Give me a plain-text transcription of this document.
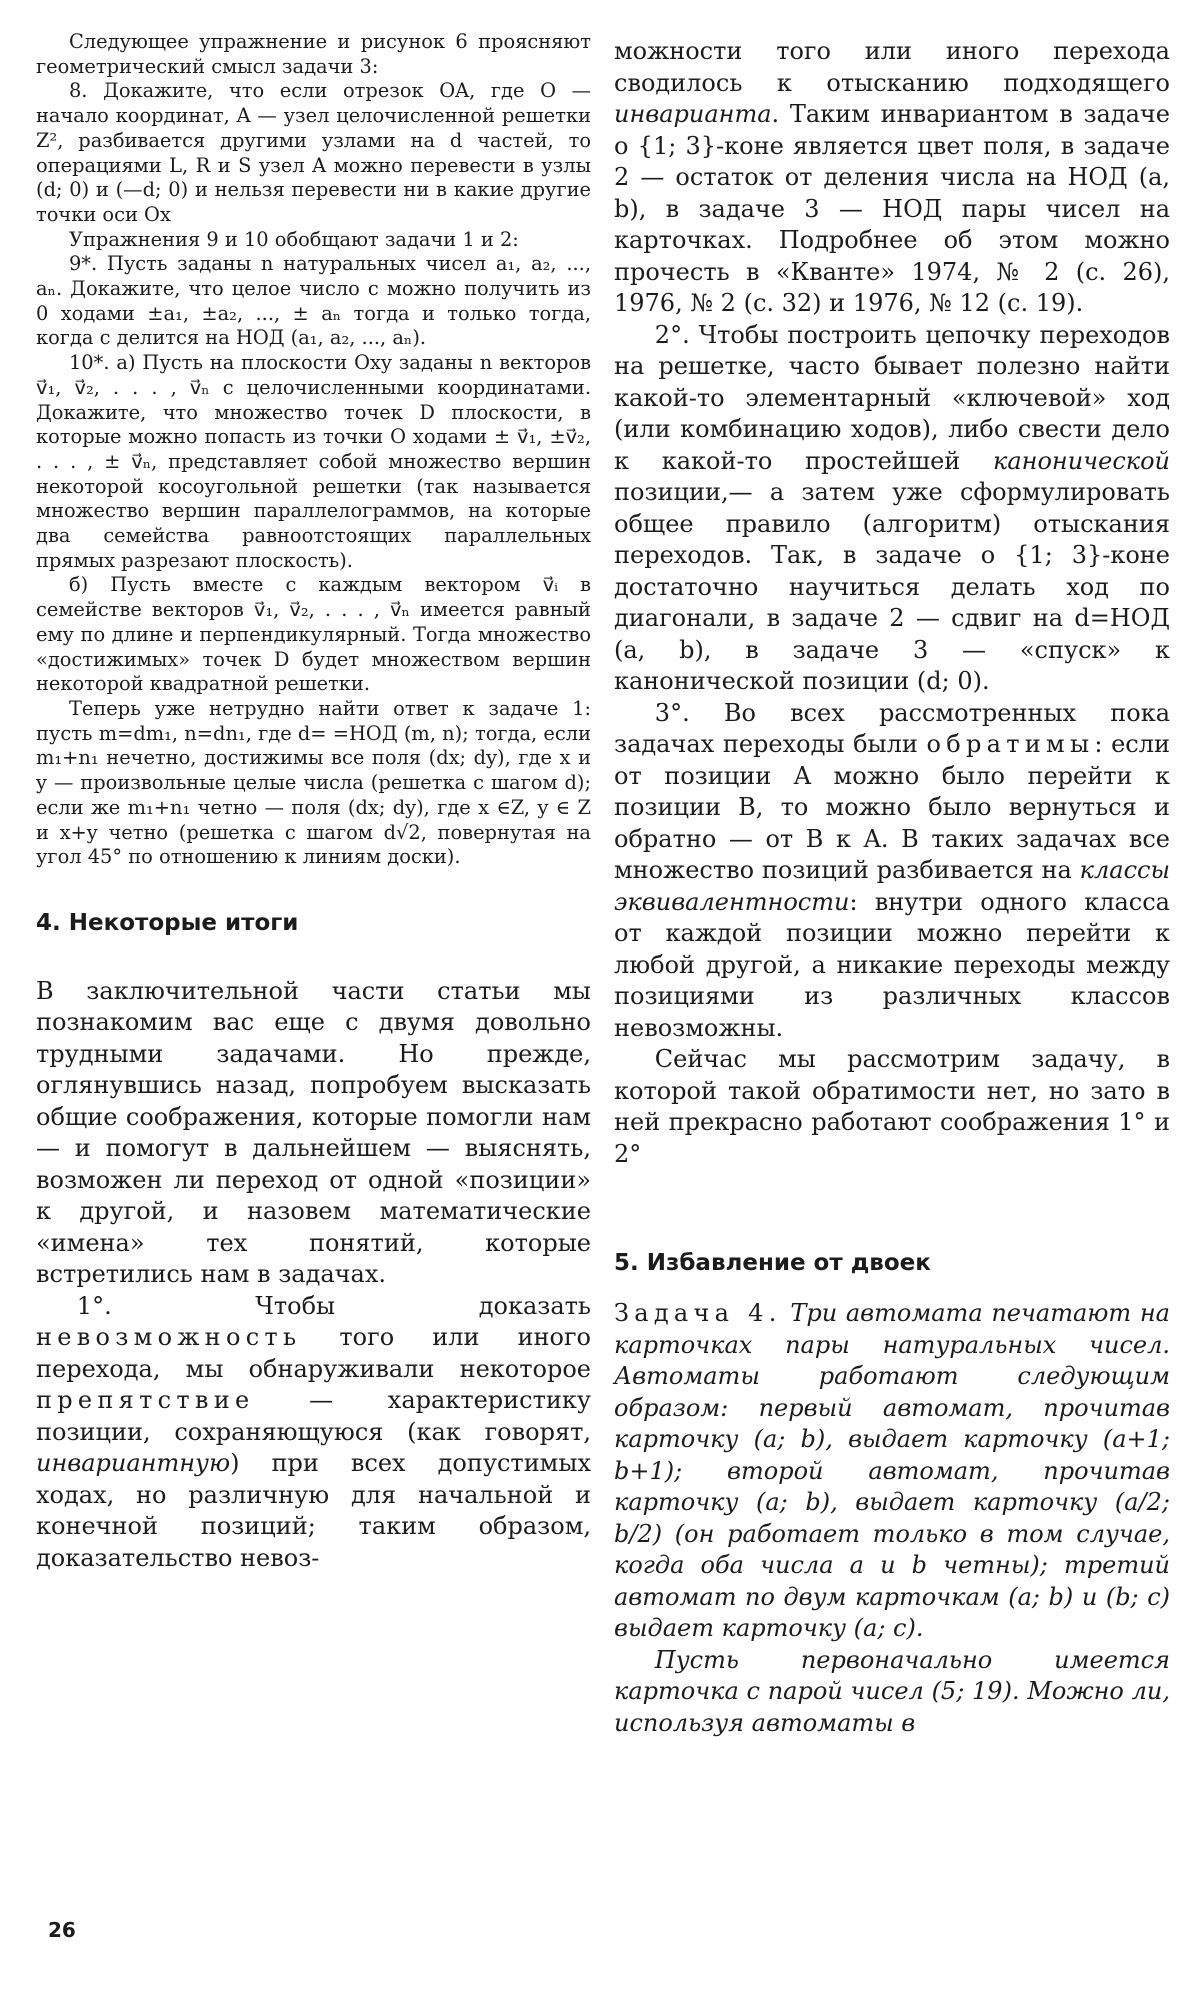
Следующее упражнение и рисунок 6 проясняют геометрический смысл задачи 3:

8. Докажите, что если отрезок OA, где O — начало координат, A — узел целочисленной решетки Z², разбивается другими узлами на d частей, то операциями L, R и S узел A можно перевести в узлы (d; 0) и (—d; 0) и нельзя перевести ни в какие другие точки оси Ox

Упражнения 9 и 10 обобщают задачи 1 и 2:

9*. Пусть заданы n натуральных чисел a₁, a₂, ..., aₙ. Докажите, что целое число c можно получить из 0 ходами ±a₁, ±a₂, ..., ± aₙ тогда и только тогда, когда c делится на НОД (a₁, a₂, ..., aₙ).

10*. а) Пусть на плоскости Oxy заданы n векторов v⃗₁, v⃗₂, . . . , v⃗ₙ с целочисленными координатами. Докажите, что множество точек D плоскости, в которые можно попасть из точки O ходами ± v⃗₁, ±v⃗₂, . . . , ± v⃗ₙ, представляет собой множество вершин некоторой косоугольной решетки (так называется множество вершин параллелограммов, на которые два семейства равноотстоящих параллельных прямых разрезают плоскость).

б) Пусть вместе с каждым вектором v⃗ᵢ в семействе векторов v⃗₁, v⃗₂, . . . , v⃗ₙ имеется равный ему по длине и перпендикулярный. Тогда множество «достижимых» точек D будет множеством вершин некоторой квадратной решетки.

Теперь уже нетрудно найти ответ к задаче 1: пусть m=dm₁, n=dn₁, где d= =НОД (m, n); тогда, если m₁+n₁ нечетно, достижимы все поля (dx; dy), где x и y — произвольные целые числа (решетка с шагом d); если же m₁+n₁ четно — поля (dx; dy), где x ∈Z, y ∈ Z и x+y четно (решетка с шагом d√2, повернутая на угол 45° по отношению к линиям доски).

4. Некоторые итоги

В заключительной части статьи мы познакомим вас еще с двумя довольно трудными задачами. Но прежде, оглянувшись назад, попробуем высказать общие соображения, которые помогли нам — и помогут в дальнейшем — выяснять, возможен ли переход от одной «позиции» к другой, и назовем математические «имена» тех понятий, которые встретились нам в задачах.

1°. Чтобы доказать невозможность того или иного перехода, мы обнаруживали некоторое препятствие — характеристику позиции, сохраняющуюся (как говорят, инвариантную) при всех допустимых ходах, но различную для начальной и конечной позиций; таким образом, доказательство невоз-

можности того или иного перехода сводилось к отысканию подходящего инварианта. Таким инвариантом в задаче о {1; 3}-коне является цвет поля, в задаче 2 — остаток от деления числа на НОД (a, b), в задаче 3 — НОД пары чисел на карточках. Подробнее об этом можно прочесть в «Кванте» 1974, № 2 (с. 26), 1976, № 2 (с. 32) и 1976, № 12 (с. 19).

2°. Чтобы построить цепочку переходов на решетке, часто бывает полезно найти какой-то элементарный «ключевой» ход (или комбинацию ходов), либо свести дело к какой-то простейшей канонической позиции,— а затем уже сформулировать общее правило (алгоритм) отыскания переходов. Так, в задаче о {1; 3}-коне достаточно научиться делать ход по диагонали, в задаче 2 — сдвиг на d=НОД (a, b), в задаче 3 — «спуск» к канонической позиции (d; 0).

3°. Во всех рассмотренных пока задачах переходы были обратимы: если от позиции A можно было перейти к позиции B, то можно было вернуться и обратно — от B к A. В таких задачах все множество позиций разбивается на классы эквивалентности: внутри одного класса от каждой позиции можно перейти к любой другой, а никакие переходы между позициями из различных классов невозможны.

Сейчас мы рассмотрим задачу, в которой такой обратимости нет, но зато в ней прекрасно работают соображения 1° и 2°

5. Избавление от двоек

Задача 4. Три автомата печатают на карточках пары натуральных чисел. Автоматы работают следующим образом: первый автомат, прочитав карточку (a; b), выдает карточку (a+1; b+1); второй автомат, прочитав карточку (a; b), выдает карточку (a/2; b/2) (он работает только в том случае, когда оба числа a и b четны); третий автомат по двум карточкам (a; b) и (b; c) выдает карточку (a; c).

Пусть первоначально имеется карточка с парой чисел (5; 19). Можно ли, используя автоматы в

26
